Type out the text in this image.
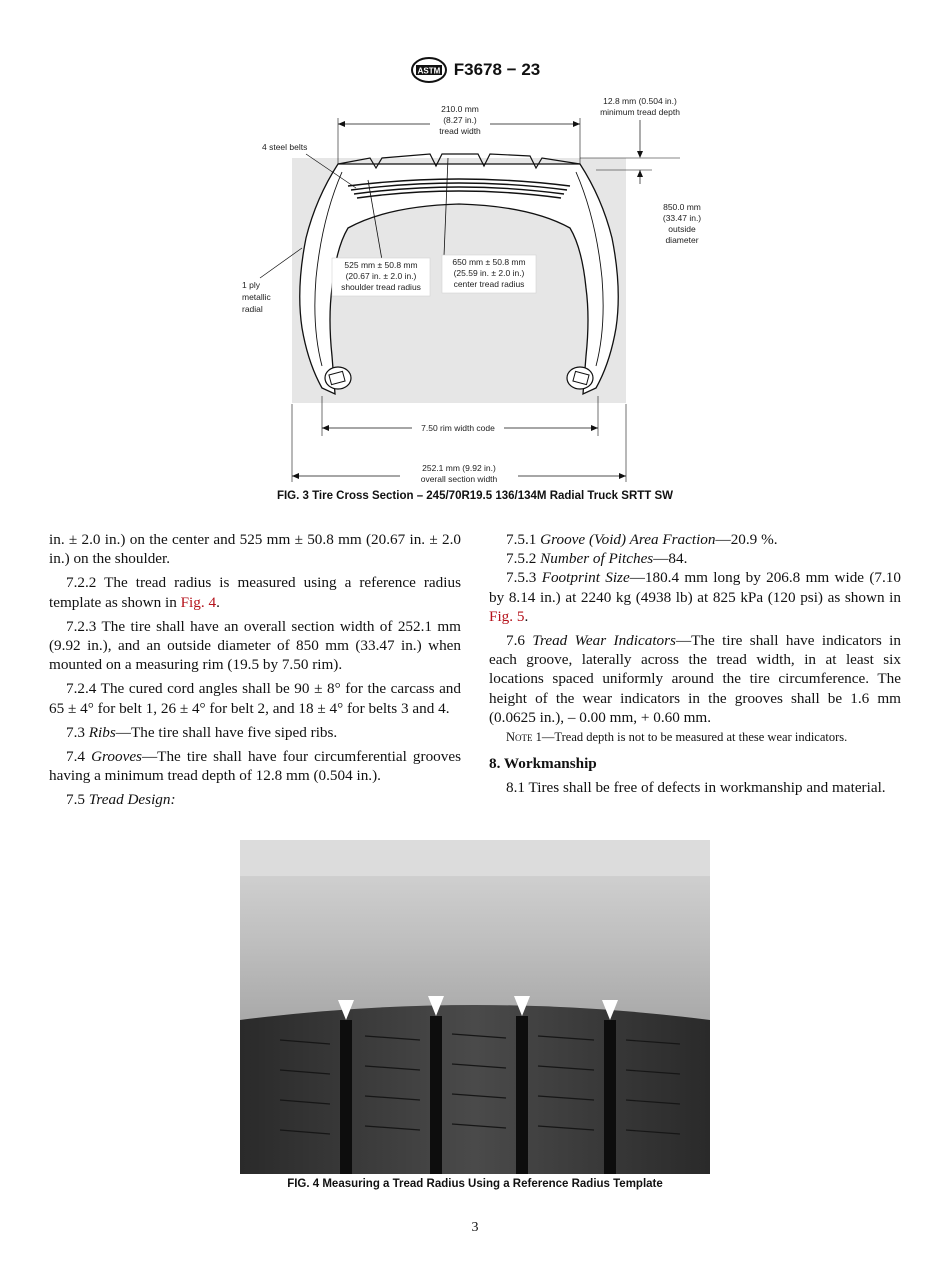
ASTM F3678 − 23
210.0 mm
(8.27 in.)
tread width
12.8 mm (0.504 in.)
minimum tread depth
850.0 mm
(33.47 in.)
outside
diameter
4 steel belts
525 mm ± 50.8 mm
(20.67 in. ± 2.0 in.)
shoulder tread radius
650 mm ± 50.8 mm
(25.59 in. ± 2.0 in.)
center tread radius
1 ply
metallic
radial
7.50 rim width code
252.1 mm (9.92 in.)
overall section width
FIG. 3 Tire Cross Section – 245/70R19.5 136/134M Radial Truck SRTT SW

in. ± 2.0 in.) on the center and 525 mm ± 50.8 mm (20.67 in. ± 2.0 in.) on the shoulder.

7.2.2 The tread radius is measured using a reference radius template as shown in Fig. 4.

7.2.3 The tire shall have an overall section width of 252.1 mm (9.92 in.), and an outside diameter of 850 mm (33.47 in.) when mounted on a measuring rim (19.5 by 7.50 rim).

7.2.4 The cured cord angles shall be 90 ± 8° for the carcass and 65 ± 4° for belt 1, 26 ± 4° for belt 2, and 18 ± 4° for belts 3 and 4.

7.3 Ribs—The tire shall have five siped ribs.

7.4 Grooves—The tire shall have four circumferential grooves having a minimum tread depth of 12.8 mm (0.504 in.).

7.5 Tread Design:

7.5.1 Groove (Void) Area Fraction—20.9 %.

7.5.2 Number of Pitches—84.

7.5.3 Footprint Size—180.4 mm long by 206.8 mm wide (7.10 by 8.14 in.) at 2240 kg (4938 lb) at 825 kPa (120 psi) as shown in Fig. 5.

7.6 Tread Wear Indicators—The tire shall have indicators in each groove, laterally across the tread width, in at least six locations spaced uniformly around the tire circumference. The height of the wear indicators in the grooves shall be 1.6 mm (0.0625 in.), – 0.00 mm, + 0.60 mm.

Note 1—Tread depth is not to be measured at these wear indicators.

8. Workmanship

8.1 Tires shall be free of defects in workmanship and material.

FIG. 4 Measuring a Tread Radius Using a Reference Radius Template
3
